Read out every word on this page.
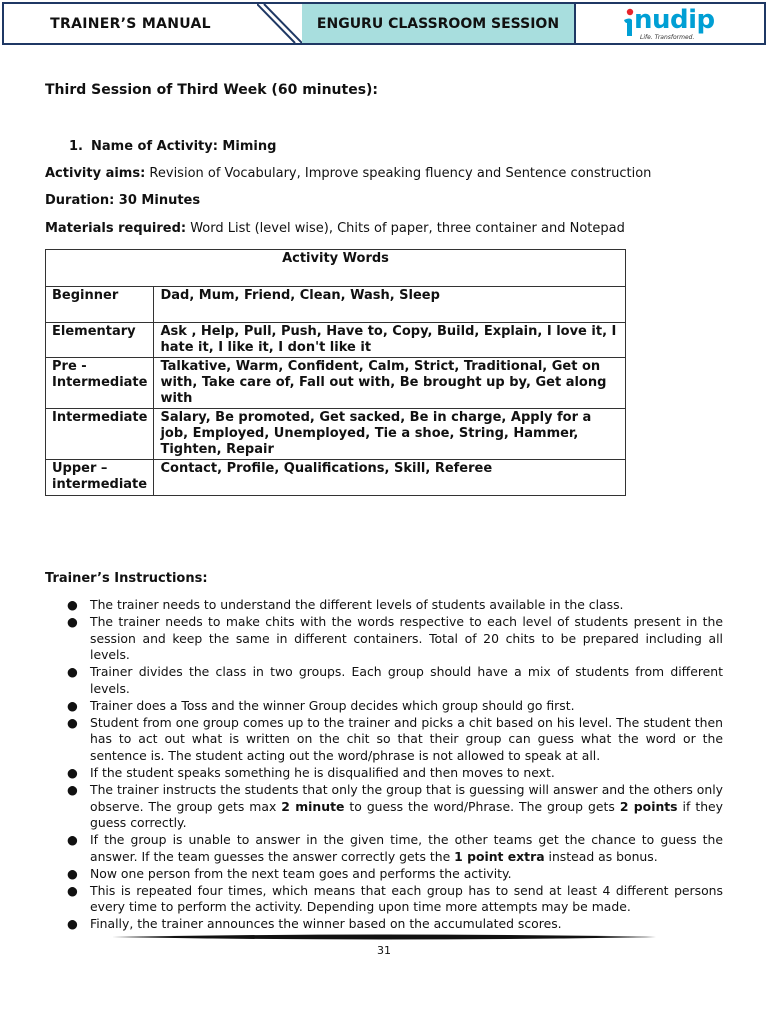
TRAINER’S MANUAL	ENGURU CLASSROOM SESSION	nudip
Life. Transformed.
Third Session of Third Week (60 minutes):
1. Name of Activity: Miming
Activity aims: Revision of Vocabulary, Improve speaking fluency and Sentence construction
Duration: 30 Minutes
Materials required: Word List (level wise), Chits of paper, three container and Notepad
Activity Words	
Beginner	Dad, Mum, Friend, Clean, Wash, Sleep
Elementary	Ask , Help, Pull, Push, Have to, Copy, Build, Explain, I love it, I hate it, I like it, I don't like it
Pre - Intermediate	Talkative, Warm, Confident, Calm, Strict, Traditional, Get on with, Take care of, Fall out with, Be brought up by, Get along with
Intermediate	Salary, Be promoted, Get sacked, Be in charge, Apply for a job, Employed, Unemployed, Tie a shoe, String, Hammer, Tighten, Repair
Upper – intermediate	Contact, Profile, Qualifications, Skill, Referee
Trainer’s Instructions:
● The trainer needs to understand the different levels of students available in the class.
● The trainer needs to make chits with the words respective to each level of students present in the session and keep the same in different containers. Total of 20 chits to be prepared including all levels.
● Trainer divides the class in two groups. Each group should have a mix of students from different levels.
● Trainer does a Toss and the winner Group decides which group should go first.
● Student from one group comes up to the trainer and picks a chit based on his level. The student then has to act out what is written on the chit so that their group can guess what the word or the sentence is. The student acting out the word/phrase is not allowed to speak at all.
● If the student speaks something he is disqualified and then moves to next.
● The trainer instructs the students that only the group that is guessing will answer and the others only observe. The group gets max 2 minute to guess the word/Phrase. The group gets 2 points if they guess correctly.
● If the group is unable to answer in the given time, the other teams get the chance to guess the answer. If the team guesses the answer correctly gets the 1 point extra instead as bonus.
● Now one person from the next team goes and performs the activity.
● This is repeated four times, which means that each group has to send at least 4 different persons every time to perform the activity. Depending upon time more attempts may be made.
● Finally, the trainer announces the winner based on the accumulated scores.
31
